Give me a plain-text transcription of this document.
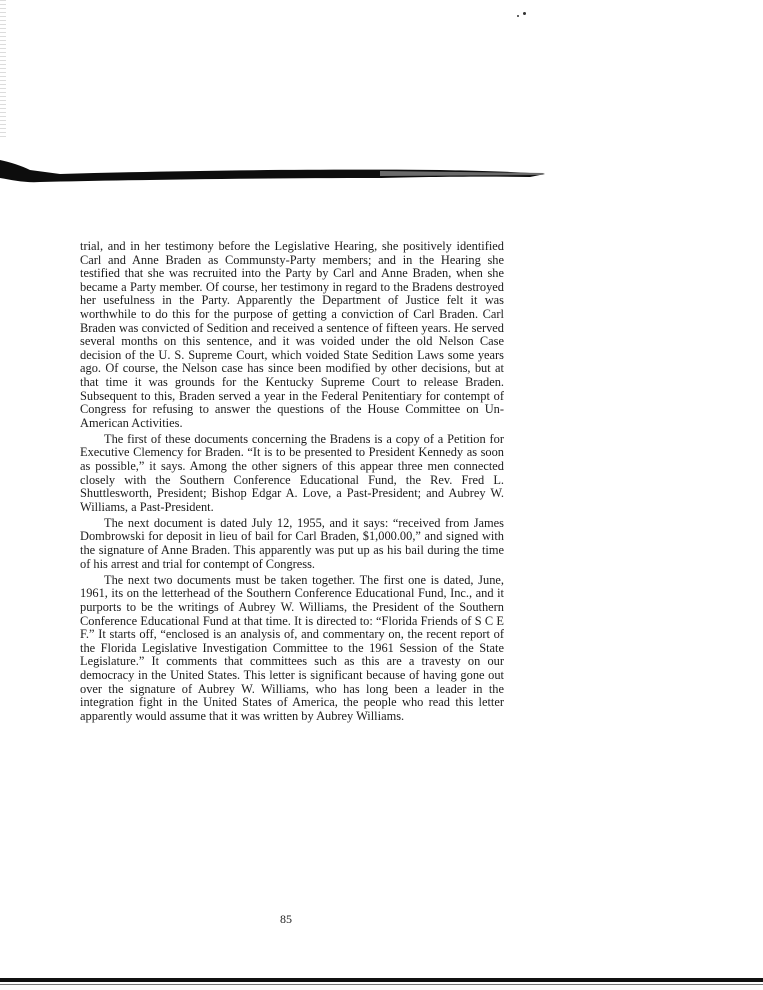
trial, and in her testimony before the Legislative Hearing, she positively identified Carl and Anne Braden as Communsty-Party members; and in the Hearing she testified that she was recruited into the Party by Carl and Anne Braden, when she became a Party member. Of course, her testimony in regard to the Bradens destroyed her usefulness in the Party. Apparently the Department of Justice felt it was worthwhile to do this for the purpose of getting a conviction of Carl Braden. Carl Braden was convicted of Sedition and received a sentence of fifteen years. He served several months on this sentence, and it was voided under the old Nelson Case decision of the U. S. Supreme Court, which voided State Sedition Laws some years ago. Of course, the Nelson case has since been modified by other decisions, but at that time it was grounds for the Kentucky Supreme Court to release Braden. Subsequent to this, Braden served a year in the Federal Penitentiary for contempt of Congress for refusing to answer the questions of the House Committee on Un-American Activities.

The first of these documents concerning the Bradens is a copy of a Petition for Executive Clemency for Braden. “It is to be presented to President Kennedy as soon as possible,” it says. Among the other signers of this appear three men connected closely with the Southern Conference Educational Fund, the Rev. Fred L. Shuttlesworth, President; Bishop Edgar A. Love, a Past-President; and Aubrey W. Williams, a Past-President.

The next document is dated July 12, 1955, and it says: “received from James Dombrowski for deposit in lieu of bail for Carl Braden, $1,000.00,” and signed with the signature of Anne Braden. This apparently was put up as his bail during the time of his arrest and trial for contempt of Congress.

The next two documents must be taken together. The first one is dated, June, 1961, its on the letterhead of the Southern Conference Educational Fund, Inc., and it purports to be the writings of Aubrey W. Williams, the President of the Southern Conference Educational Fund at that time. It is directed to: “Florida Friends of S C E F.” It starts off, “enclosed is an analysis of, and commentary on, the recent report of the Florida Legislative Investigation Committee to the 1961 Session of the State Legislature.” It comments that committees such as this are a travesty on our democracy in the United States. This letter is significant because of having gone out over the signature of Aubrey W. Williams, who has long been a leader in the integration fight in the United States of America, the people who read this letter apparently would assume that it was written by Aubrey Williams.

85
